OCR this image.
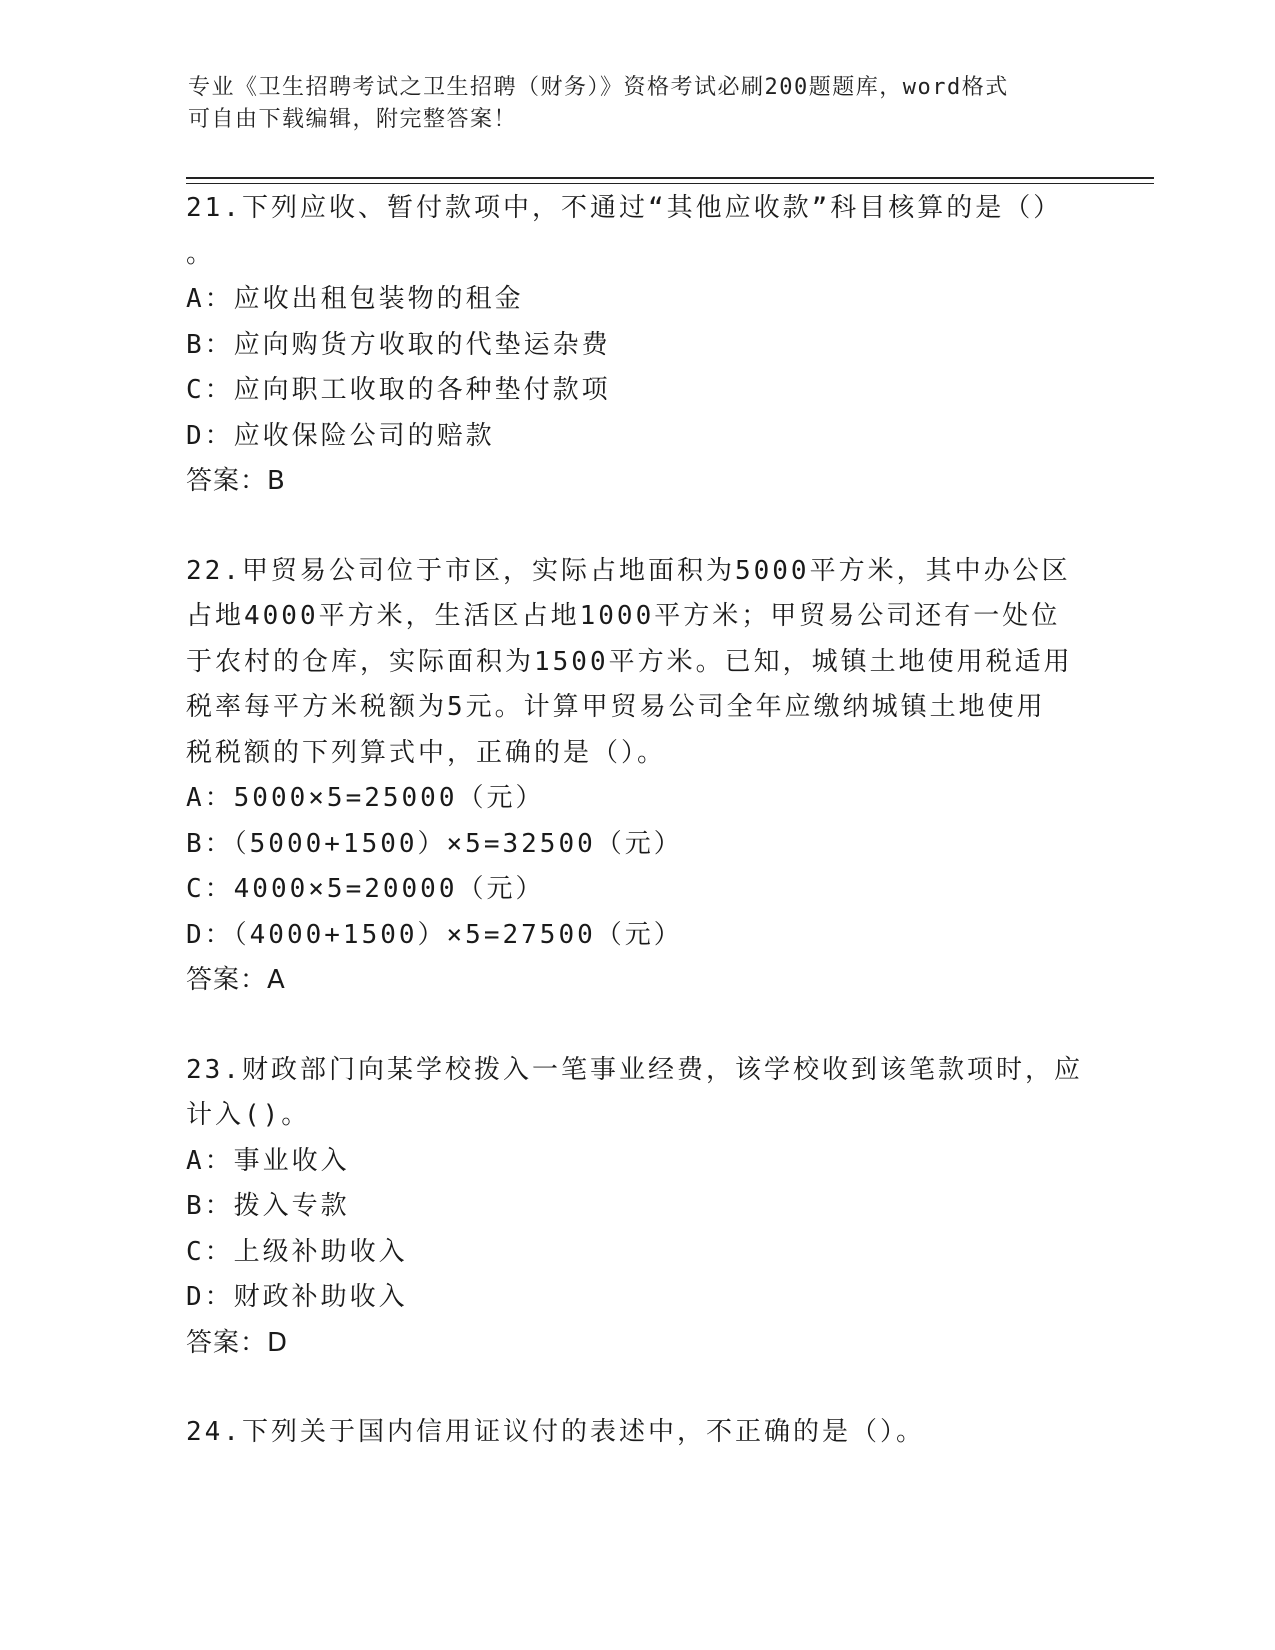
专业《卫生招聘考试之卫生招聘（财务）》资格考试必刷200题题库，word格式

可自由下载编辑，附完整答案！

21.下列应收、暂付款项中，不通过“其他应收款”科目核算的是（）

。

A：应收出租包装物的租金

B：应向购货方收取的代垫运杂费

C：应向职工收取的各种垫付款项

D：应收保险公司的赔款

答案：B

22.甲贸易公司位于市区，实际占地面积为5000平方米，其中办公区

占地4000平方米，生活区占地1000平方米；甲贸易公司还有一处位

于农村的仓库，实际面积为1500平方米。已知，城镇土地使用税适用

税率每平方米税额为5元。计算甲贸易公司全年应缴纳城镇土地使用

税税额的下列算式中，正确的是（）。

A：5000×5=25000（元）

B：（5000+1500）×5=32500（元）

C：4000×5=20000（元）

D：（4000+1500）×5=27500（元）

答案：A

23.财政部门向某学校拨入一笔事业经费，该学校收到该笔款项时，应

计入()。

A：事业收入

B：拨入专款

C：上级补助收入

D：财政补助收入

答案：D

24.下列关于国内信用证议付的表述中，不正确的是（）。
